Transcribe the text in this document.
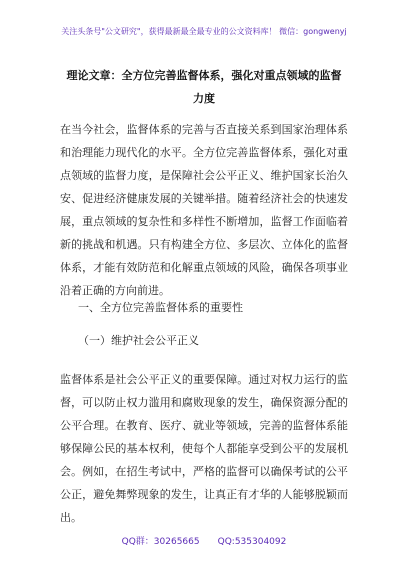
关注头条号"公文研究"，获得最新最全最专业的公文资料库！ 微信：gongwenyj
理论文章：全方位完善监督体系，强化对重点领域的监督
力度

在当今社会，监督体系的完善与否直接关系到国家治理体系和治理能力现代化的水平。全方位完善监督体系，强化对重点领域的监督力度，是保障社会公平正义、维护国家长治久安、促进经济健康发展的关键举措。随着经济社会的快速发展，重点领域的复杂性和多样性不断增加，监督工作面临着新的挑战和机遇。只有构建全方位、多层次、立体化的监督体系，才能有效防范和化解重点领域的风险，确保各项事业沿着正确的方向前进。

一、全方位完善监督体系的重要性

（一）维护社会公平正义

监督体系是社会公平正义的重要保障。通过对权力运行的监督，可以防止权力滥用和腐败现象的发生，确保资源分配的公平合理。在教育、医疗、就业等领域，完善的监督体系能够保障公民的基本权利，使每个人都能享受到公平的发展机会。例如，在招生考试中，严格的监督可以确保考试的公平公正，避免舞弊现象的发生，让真正有才华的人能够脱颖而出。

QQ群：30265665 QQ:535304092
